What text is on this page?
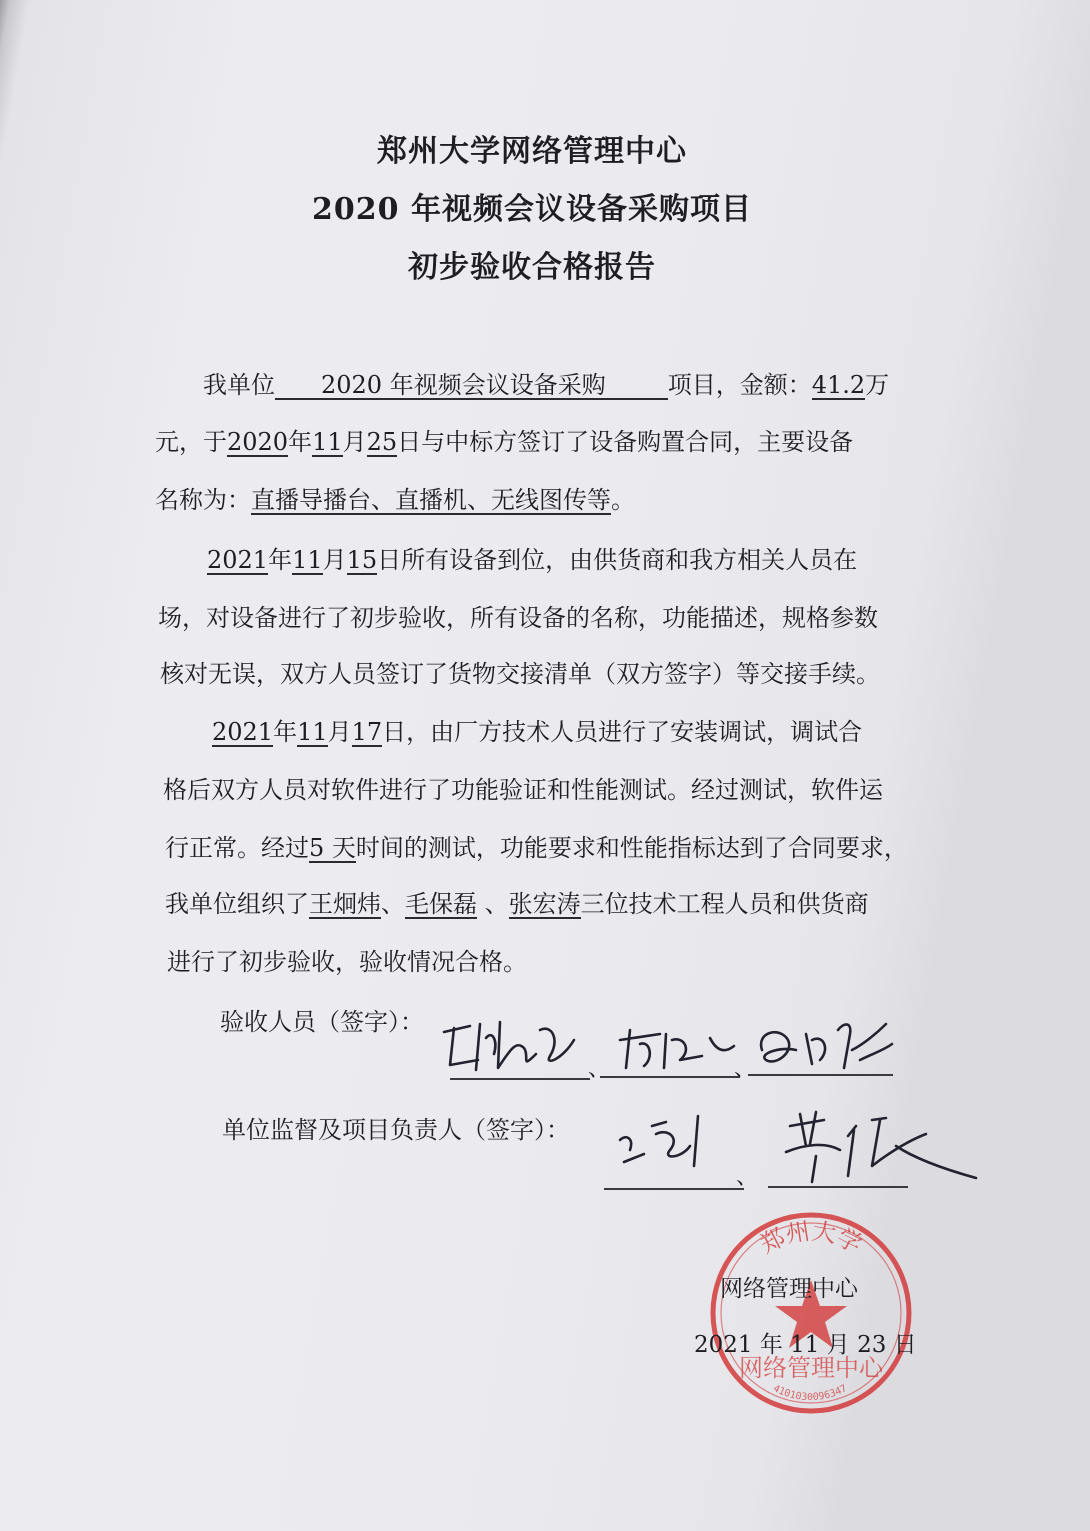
郑州大学网络管理中心
2020 年视频会议设备采购项目
初步验收合格报告

我单位 2020 年视频会议设备采购	项目，金额：41.2万

元，于2020年11月25日与中标方签订了设备购置合同，主要设备

名称为：直播导播台、直播机、无线图传等。

2021年11月15日所有设备到位，由供货商和我方相关人员在

场，对设备进行了初步验收，所有设备的名称，功能描述，规格参数

核对无误，双方人员签订了货物交接清单（双方签字）等交接手续。

2021年11月17日，由厂方技术人员进行了安装调试，调试合

格后双方人员对软件进行了功能验证和性能测试。经过测试，软件运

行正常。经过5 天时间的测试，功能要求和性能指标达到了合同要求，

我单位组织了王炯炜、毛保磊 、张宏涛三位技术工程人员和供货商

进行了初步验收，验收情况合格。

验收人员（签字）：

、	、

单位监督及项目负责人（签字）：

、
郑州大学
网络管理中心
4101030096347

网络管理中心

2021 年 11 月 23 日
